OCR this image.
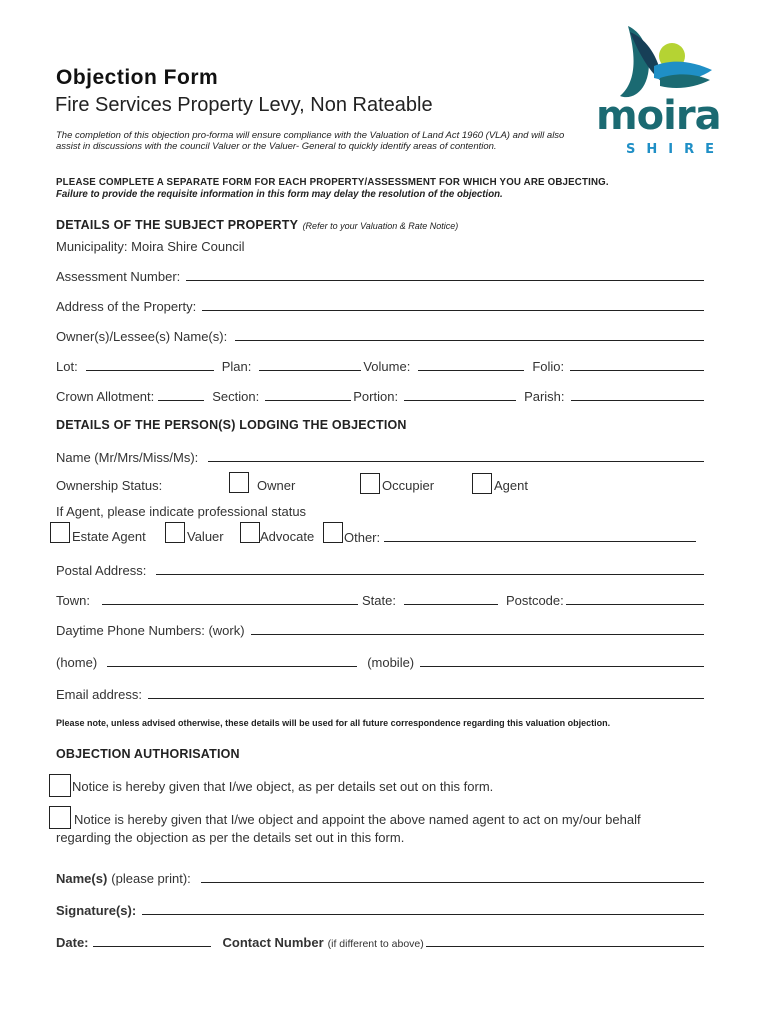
Objection Form
Fire Services Property Levy, Non Rateable
The completion of this objection pro-forma will ensure compliance with the Valuation of Land Act 1960 (VLA) and will also assist in discussions with the council Valuer or the Valuer- General to quickly identify areas of contention.
PLEASE COMPLETE A SEPARATE FORM FOR EACH PROPERTY/ASSESSMENT FOR WHICH YOU ARE OBJECTING.
Failure to provide the requisite information in this form may delay the resolution of the objection.
moira
SHIRE
DETAILS OF THE SUBJECT PROPERTY (Refer to your Valuation & Rate Notice)
Municipality: Moira Shire Council
Assessment Number:
Address of the Property:
Owner(s)/Lessee(s) Name(s):
Lot:	Plan:	Volume:	Folio:
Crown Allotment:	Section:	Portion:	Parish:
DETAILS OF THE PERSON(S) LODGING THE OBJECTION
Name (Mr/Mrs/Miss/Ms):
Ownership Status:	Owner	Occupier	Agent
If Agent, please indicate professional status
Estate Agent	Valuer	Advocate Other:
Postal Address:
Town:	State:	Postcode:
Daytime Phone Numbers: (work)
(home)	(mobile)
Email address:
Please note, unless advised otherwise, these details will be used for all future correspondence regarding this valuation objection.
OBJECTION AUTHORISATION
Notice is hereby given that I/we object, as per details set out on this form.
Notice is hereby given that I/we object and appoint the above named agent to act on my/our behalf
regarding the objection as per the details set out in this form.
Name(s) (please print):
Signature(s):
Date:	Contact Number (if different to above)
